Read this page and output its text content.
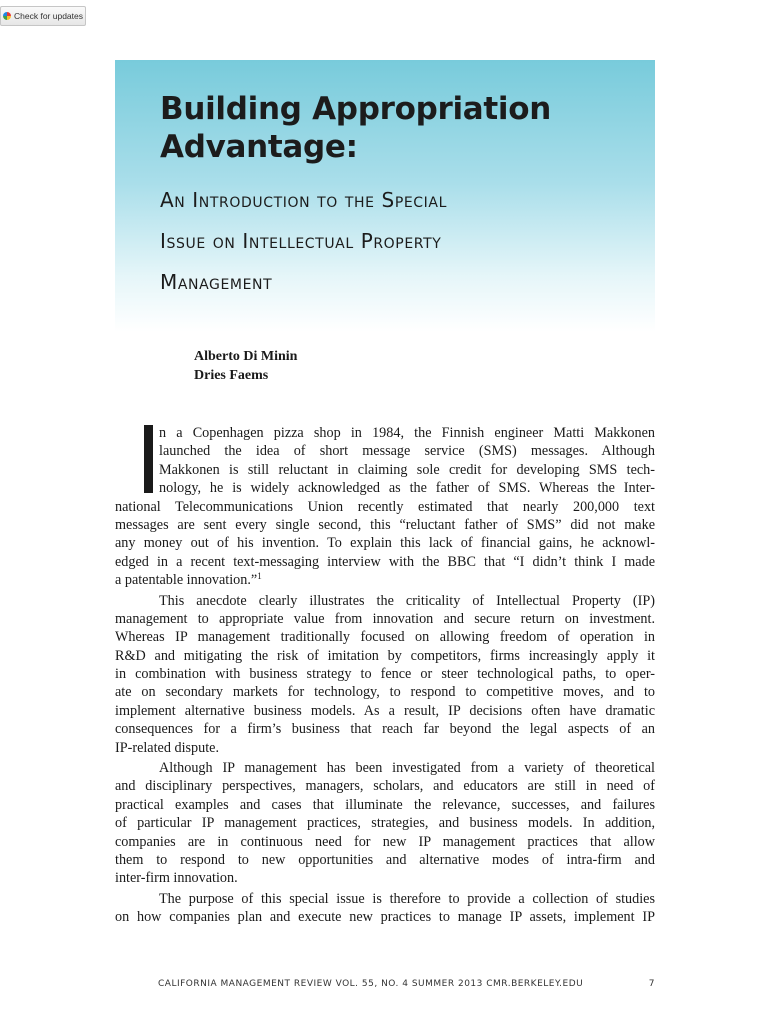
Check for updates
Building Appropriation Advantage:
An Introduction to the Special
Issue on Intellectual Property
Management
Alberto Di Minin
Dries Faems
n a Copenhagen pizza shop in 1984, the Finnish engineer Matti Makkonen
launched the idea of short message service (SMS) messages. Although
Makkonen is still reluctant in claiming sole credit for developing SMS tech-
nology, he is widely acknowledged as the father of SMS. Whereas the Inter-
national Telecommunications Union recently estimated that nearly 200,000 text
messages are sent every single second, this “reluctant father of SMS” did not make
any money out of his invention. To explain this lack of financial gains, he acknowl-
edged in a recent text-messaging interview with the BBC that “I didn’t think I made
a patentable innovation.”$^1$
This anecdote clearly illustrates the criticality of Intellectual Property (IP)
management to appropriate value from innovation and secure return on investment.
Whereas IP management traditionally focused on allowing freedom of operation in
R&D and mitigating the risk of imitation by competitors, firms increasingly apply it
in combination with business strategy to fence or steer technological paths, to oper-
ate on secondary markets for technology, to respond to competitive moves, and to
implement alternative business models. As a result, IP decisions often have dramatic
consequences for a firm’s business that reach far beyond the legal aspects of an
IP-related dispute.
Although IP management has been investigated from a variety of theoretical
and disciplinary perspectives, managers, scholars, and educators are still in need of
practical examples and cases that illuminate the relevance, successes, and failures
of particular IP management practices, strategies, and business models. In addition,
companies are in continuous need for new IP management practices that allow
them to respond to new opportunities and alternative modes of intra-firm and
inter-firm innovation.
The purpose of this special issue is therefore to provide a collection of studies
on how companies plan and execute new practices to manage IP assets, implement IP
CALIFORNIA MANAGEMENT REVIEW VOL. 55, NO. 4 SUMMER 2013 CMR.BERKELEY.EDU	7
